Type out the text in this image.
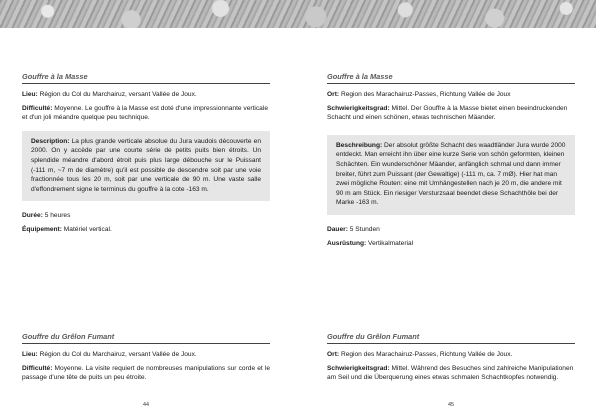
Gouffre à la Masse

Lieu: Région du Col du Marchairuz, versant Vallée de Joux.

Difficulté: Moyenne. Le gouffre à la Masse est doté d'une impressionnante verticale et d'un joli méandre quelque peu technique.

Description: La plus grande verticale absolue du Jura vaudois découverte en 2000. On y accède par une courte série de petits puits bien étroits. Un splendide méandre d'abord étroit puis plus large débouche sur le Puissant (-111 m, ~7 m de diamètre) qu'il est possible de descendre soit par une voie fractionnée tous les 20 m, soit par une verticale de 90 m. Une vaste salle d'effondrement signe le terminus du gouffre à la cote -163 m.

Durée: 5 heures

Équipement: Matériel vertical.

Gouffre du Grêlon Fumant

Lieu: Région du Col du Marchairuz, versant Vallée de Joux.

Difficulté: Moyenne. La visite requiert de nombreuses manipulations sur corde et le passage d'une tête de puits un peu étroite.

44
Gouffre à la Masse

Ort: Region des Marachairuz-Passes, Richtung Vallée de Joux

Schwierigkeitsgrad: Mittel. Der Gouffre à la Masse bietet einen beeindruckenden Schacht und einen schönen, etwas technischen Mäander.

Beschreibung: Der absolut größte Schacht des waadtländer Jura wurde 2000 entdeckt. Man erreicht ihn über eine kurze Serie von schön geformten, kleinen Schächten. Ein wunderschöner Mäander, anfänglich schmal und dann immer breiter, führt zum Puissant (der Gewaltige) (-111 m, ca. 7 mØ). Hier hat man zwei mögliche Routen: eine mit Umhängestellen nach je 20 m, die andere mit 90 m am Stück. Ein riesiger Versturzsaal beendet diese Schachthöle bei der Marke -163 m.

Dauer: 5 Stunden

Ausrüstung: Vertikalmaterial

Gouffre du Grêlon Fumant

Ort: Region des Marachairuz-Passes, Richtung Vallée de Joux.

Schwierigkeitsgrad: Mittel. Während des Besuches sind zahlreiche Manipulationen am Seil und die Überquerung eines etwas schmalen Schachtkopfes notwendig.

45
